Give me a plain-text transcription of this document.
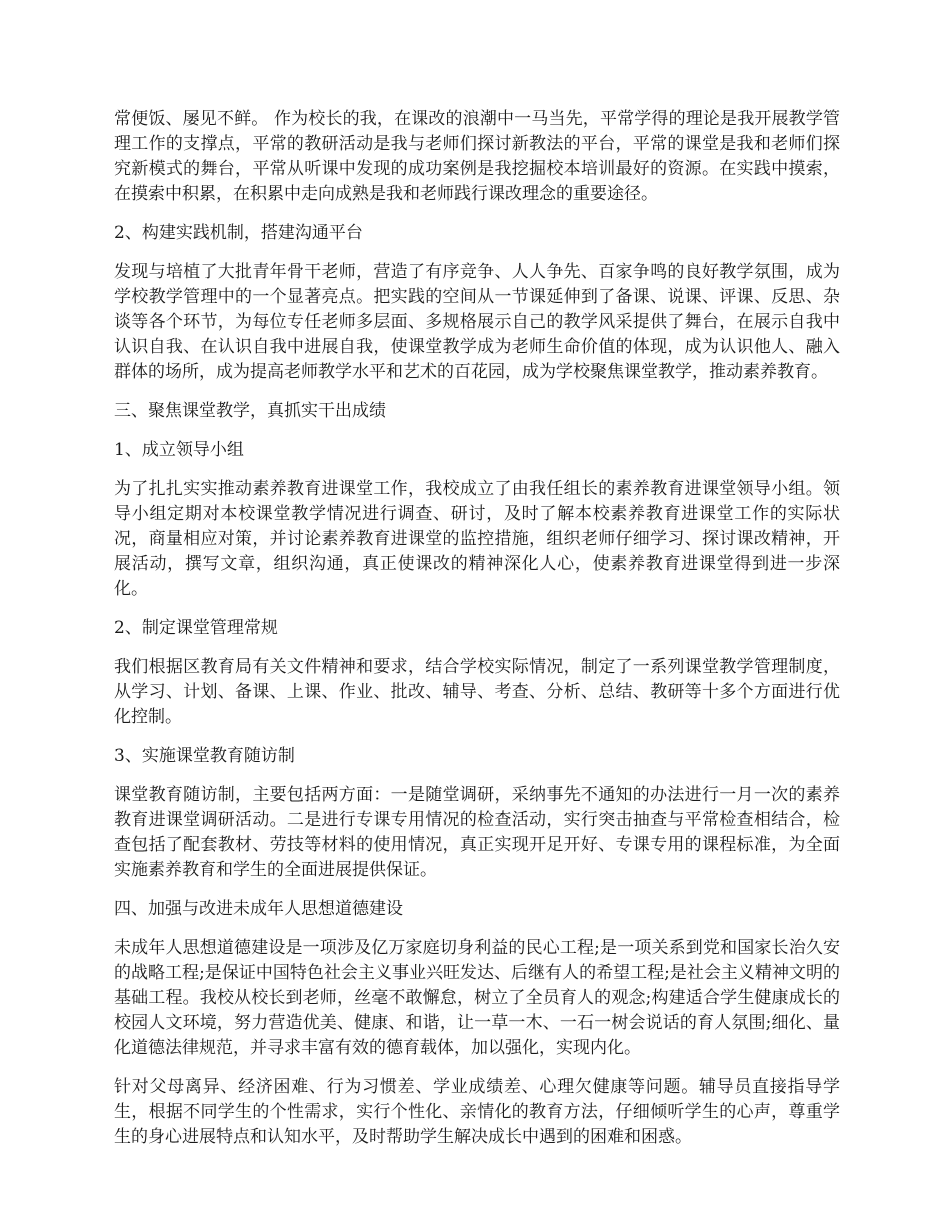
常便饭、屡见不鲜。 作为校长的我，在课改的浪潮中一马当先，平常学得的理论是我开展教学管理工作的支撑点，平常的教研活动是我与老师们探讨新教法的平台，平常的课堂是我和老师们探究新模式的舞台，平常从听课中发现的成功案例是我挖掘校本培训最好的资源。在实践中摸索，在摸索中积累，在积累中走向成熟是我和老师践行课改理念的重要途径。

2、构建实践机制，搭建沟通平台

发现与培植了大批青年骨干老师，营造了有序竞争、人人争先、百家争鸣的良好教学氛围，成为学校教学管理中的一个显著亮点。把实践的空间从一节课延伸到了备课、说课、评课、反思、杂谈等各个环节，为每位专任老师多层面、多规格展示自己的教学风采提供了舞台，在展示自我中认识自我、在认识自我中进展自我，使课堂教学成为老师生命价值的体现，成为认识他人、融入群体的场所，成为提高老师教学水平和艺术的百花园，成为学校聚焦课堂教学，推动素养教育。

三、聚焦课堂教学，真抓实干出成绩

1、成立领导小组

为了扎扎实实推动素养教育进课堂工作，我校成立了由我任组长的素养教育进课堂领导小组。领导小组定期对本校课堂教学情况进行调查、研讨，及时了解本校素养教育进课堂工作的实际状况，商量相应对策，并讨论素养教育进课堂的监控措施，组织老师仔细学习、探讨课改精神，开展活动，撰写文章，组织沟通，真正使课改的精神深化人心，使素养教育进课堂得到进一步深化。

2、制定课堂管理常规

我们根据区教育局有关文件精神和要求，结合学校实际情况，制定了一系列课堂教学管理制度，从学习、计划、备课、上课、作业、批改、辅导、考查、分析、总结、教研等十多个方面进行优化控制。

3、实施课堂教育随访制

课堂教育随访制，主要包括两方面：一是随堂调研，采纳事先不通知的办法进行一月一次的素养教育进课堂调研活动。二是进行专课专用情况的检查活动，实行突击抽查与平常检查相结合，检查包括了配套教材、劳技等材料的使用情况，真正实现开足开好、专课专用的课程标准，为全面实施素养教育和学生的全面进展提供保证。

四、加强与改进未成年人思想道德建设

未成年人思想道德建设是一项涉及亿万家庭切身利益的民心工程;是一项关系到党和国家长治久安的战略工程;是保证中国特色社会主义事业兴旺发达、后继有人的希望工程;是社会主义精神文明的基础工程。我校从校长到老师，丝毫不敢懈怠，树立了全员育人的观念;构建适合学生健康成长的校园人文环境，努力营造优美、健康、和谐，让一草一木、一石一树会说话的育人氛围;细化、量化道德法律规范，并寻求丰富有效的德育载体，加以强化，实现内化。

针对父母离异、经济困难、行为习惯差、学业成绩差、心理欠健康等问题。辅导员直接指导学生，根据不同学生的个性需求，实行个性化、亲情化的教育方法，仔细倾听学生的心声，尊重学生的身心进展特点和认知水平，及时帮助学生解决成长中遇到的困难和困惑。
